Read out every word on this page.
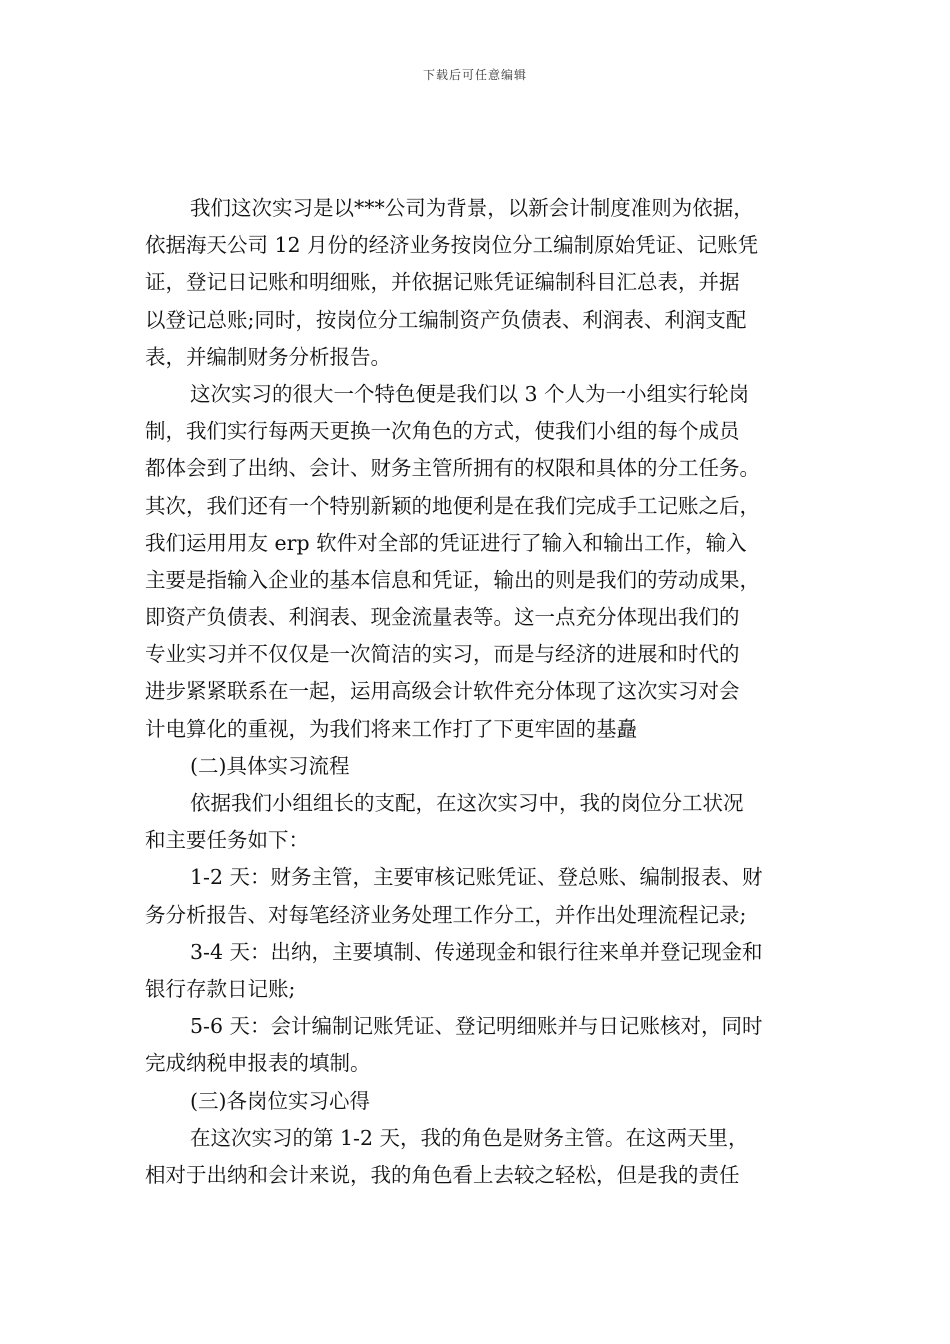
下载后可任意编辑
我们这次实习是以***公司为背景，以新会计制度准则为依据，
依据海天公司 12 月份的经济业务按岗位分工编制原始凭证、记账凭
证，登记日记账和明细账，并依据记账凭证编制科目汇总表，并据
以登记总账;同时，按岗位分工编制资产负债表、利润表、利润支配
表，并编制财务分析报告。
这次实习的很大一个特色便是我们以 3 个人为一小组实行轮岗
制，我们实行每两天更换一次角色的方式，使我们小组的每个成员
都体会到了出纳、会计、财务主管所拥有的权限和具体的分工任务。
其次，我们还有一个特别新颖的地便利是在我们完成手工记账之后，
我们运用用友 erp 软件对全部的凭证进行了输入和输出工作，输入
主要是指输入企业的基本信息和凭证，输出的则是我们的劳动成果，
即资产负债表、利润表、现金流量表等。这一点充分体现出我们的
专业实习并不仅仅是一次简洁的实习，而是与经济的进展和时代的
进步紧紧联系在一起，运用高级会计软件充分体现了这次实习对会
计电算化的重视，为我们将来工作打了下更牢固的基矗
(二)具体实习流程
依据我们小组组长的支配，在这次实习中，我的岗位分工状况
和主要任务如下：
1-2 天：财务主管，主要审核记账凭证、登总账、编制报表、财
务分析报告、对每笔经济业务处理工作分工，并作出处理流程记录;
3-4 天：出纳，主要填制、传递现金和银行往来单并登记现金和
银行存款日记账;
5-6 天：会计编制记账凭证、登记明细账并与日记账核对，同时
完成纳税申报表的填制。
(三)各岗位实习心得
在这次实习的第 1-2 天，我的角色是财务主管。在这两天里，
相对于出纳和会计来说，我的角色看上去较之轻松，但是我的责任
